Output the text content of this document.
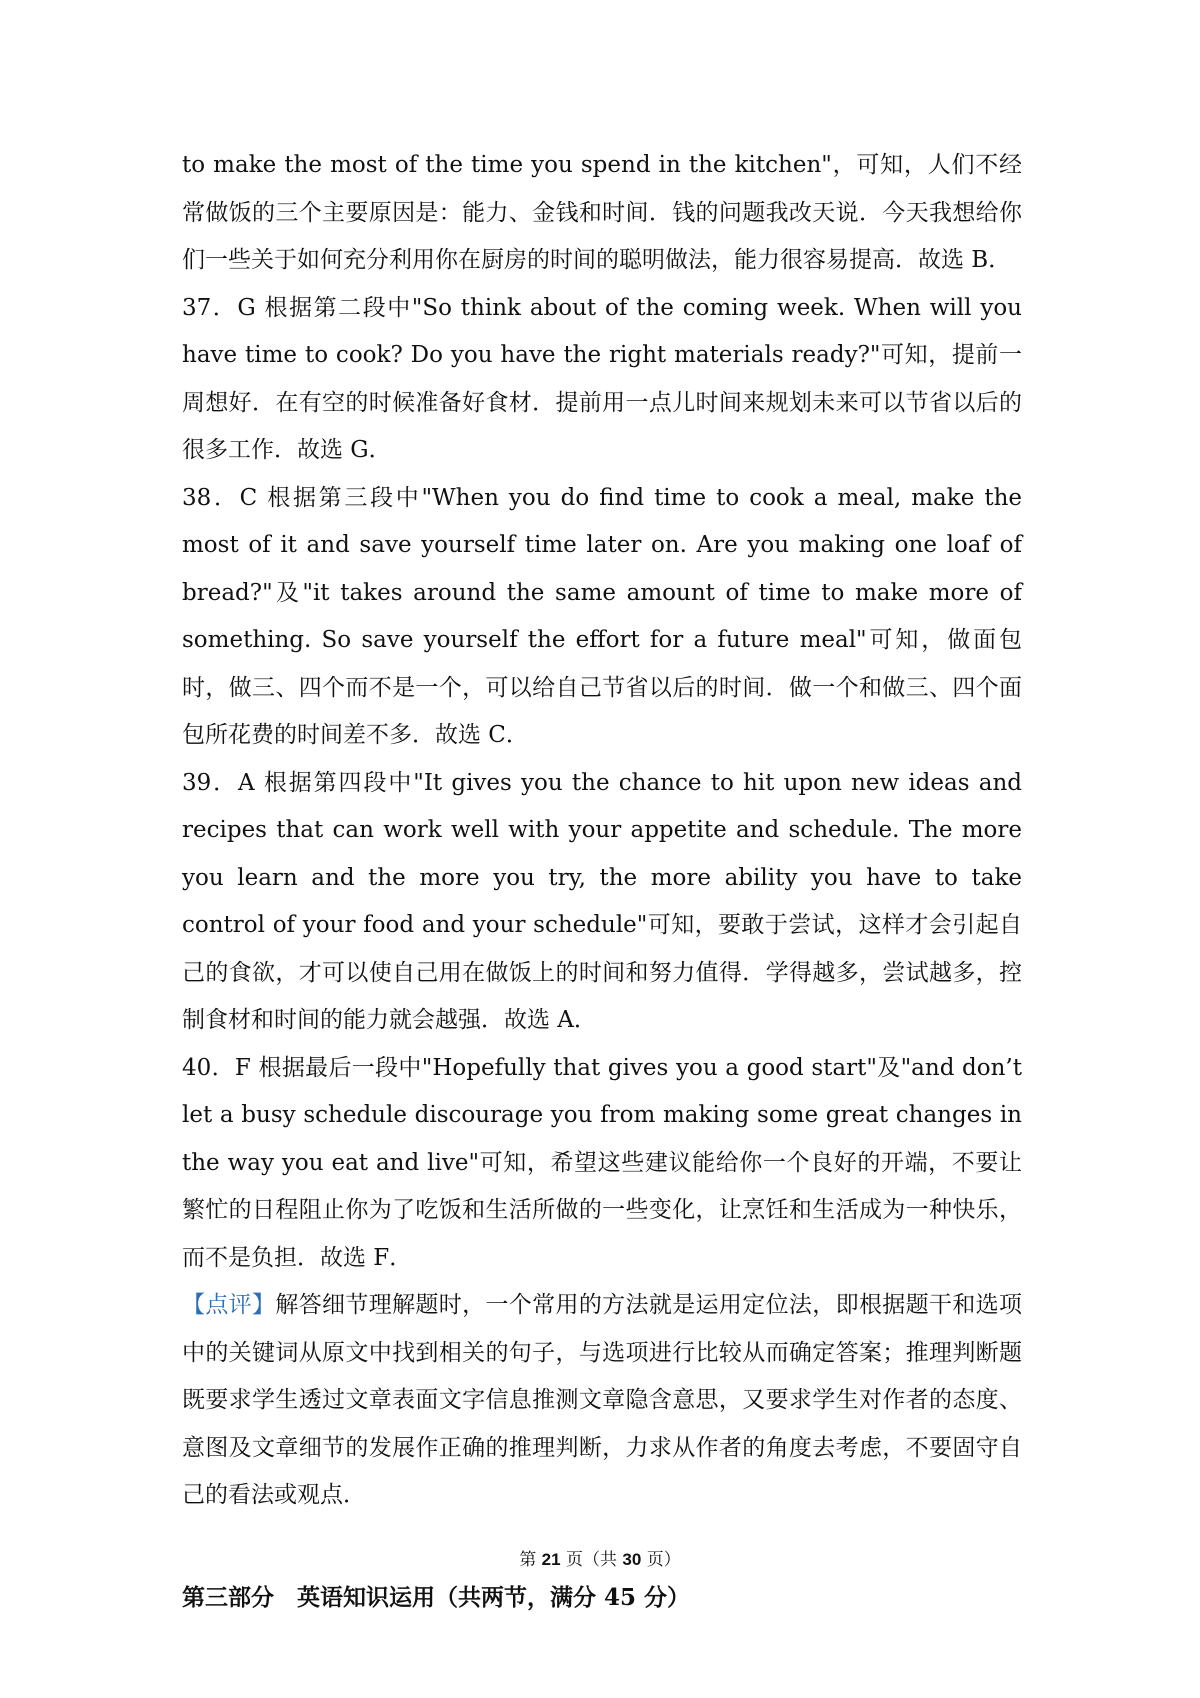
to make the most of the time you spend in the kitchen"，可知，人们不经常做饭的三个主要原因是：能力、金钱和时间．钱的问题我改天说．今天我想给你们一些关于如何充分利用你在厨房的时间的聪明做法，能力很容易提高．故选 B．

37．G 根据第二段中"So think about of the coming week. When will you have time to cook? Do you have the right materials ready?"可知，提前一周想好．在有空的时候准备好食材．提前用一点儿时间来规划未来可以节省以后的很多工作．故选 G．

38．C 根据第三段中"When you do find time to cook a meal, make the most of it and save yourself time later on. Are you making one loaf of bread?"及"it takes around the same amount of time to make more of something. So save yourself the effort for a future meal"可知，做面包时，做三、四个而不是一个，可以给自己节省以后的时间．做一个和做三、四个面包所花费的时间差不多．故选 C．

39．A 根据第四段中"It gives you the chance to hit upon new ideas and recipes that can work well with your appetite and schedule. The more you learn and the more you try, the more ability you have to take control of your food and your schedule"可知，要敢于尝试，这样才会引起自己的食欲，才可以使自己用在做饭上的时间和努力值得．学得越多，尝试越多，控制食材和时间的能力就会越强．故选 A．

40．F 根据最后一段中"Hopefully that gives you a good start"及"and don’t let a busy schedule discourage you from making some great changes in the way you eat and live"可知，希望这些建议能给你一个良好的开端，不要让繁忙的日程阻止你为了吃饭和生活所做的一些变化，让烹饪和生活成为一种快乐，而不是负担．故选 F．

【点评】解答细节理解题时，一个常用的方法就是运用定位法，即根据题干和选项中的关键词从原文中找到相关的句子，与选项进行比较从而确定答案；推理判断题既要求学生透过文章表面文字信息推测文章隐含意思，又要求学生对作者的态度、意图及文章细节的发展作正确的推理判断，力求从作者的角度去考虑，不要固守自己的看法或观点．

第三部分　英语知识运用（共两节，满分 45 分）
第 21 页（共 30 页）
